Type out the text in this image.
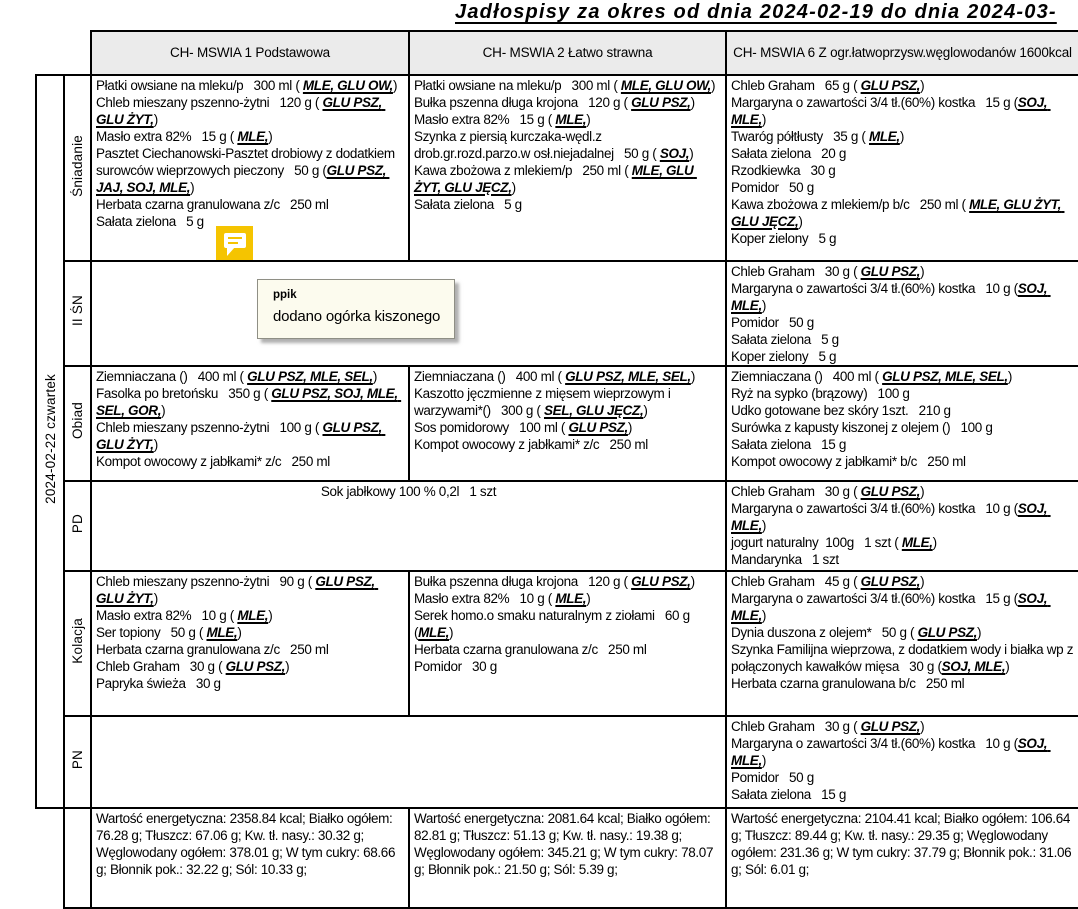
Jadłospisy za okres od dnia 2024-02-19 do dnia 2024-03-
		CH- MSWIA 1 Podstawowa	CH- MSWIA 2 Łatwo strawna	CH- MSWIA 6 Z ogr.łatwoprzysw.węglowodanów 1600kcal
2024-02-22 czwartek	Śniadanie	
Płatki owsiane na mleku/p   300 ml ( MLE, GLU OW,)
Chleb mieszany pszenno-żytni   120 g ( GLU PSZ, GLU ŻYT,)
Masło extra 82%   15 g ( MLE,)
Pasztet Ciechanowski-Pasztet drobiowy z dodatkiem surowców wieprzowych pieczony   50 g (GLU PSZ, JAJ, SOJ, MLE,)
Herbata czarna granulowana z/c   250 ml
Sałata zielona   5 g

Płatki owsiane na mleku/p   300 ml ( MLE, GLU OW,)
Bułka pszenna długa krojona   120 g ( GLU PSZ,)
Masło extra 82%   15 g ( MLE,)
Szynka z piersią kurczaka-wędl.z drob.gr.rozd.parzo.w osł.niejadalnej   50 g ( SOJ,)
Kawa zbożowa z mlekiem/p   250 ml ( MLE, GLU ŻYT, GLU JĘCZ,)
Sałata zielona   5 g

Chleb Graham   65 g ( GLU PSZ,)
Margaryna o zawartości 3/4 tł.(60%) kostka   15 g (SOJ, MLE,)
Twaróg półtłusty   35 g ( MLE,)
Sałata zielona   20 g
Rzodkiewka   30 g
Pomidor   50 g
Kawa zbożowa z mlekiem/p b/c   250 ml ( MLE, GLU ŻYT, GLU JĘCZ,)
Koper zielony   5 g

	II ŚN			Chleb Graham   30 g ( GLU PSZ,)
Margaryna o zawartości 3/4 tł.(60%) kostka   10 g (SOJ, MLE,)
Pomidor   50 g
Sałata zielona   5 g
Koper zielony   5 g

Obiad	
Ziemniaczana ()   400 ml ( GLU PSZ, MLE, SEL,)
Fasolka po bretońsku   350 g ( GLU PSZ, SOJ, MLE, SEL, GOR,)
Chleb mieszany pszenno-żytni   100 g ( GLU PSZ, GLU ŻYT,)
Kompot owocowy z jabłkami* z/c   250 ml

Ziemniaczana ()   400 ml ( GLU PSZ, MLE, SEL,)
Kaszotto jęczmienne z mięsem wieprzowym i warzywami*()   300 g ( SEL, GLU JĘCZ,)
Sos pomidorowy   100 ml ( GLU PSZ,)
Kompot owocowy z jabłkami* z/c   250 ml

Ziemniaczana ()   400 ml ( GLU PSZ, MLE, SEL,)
Ryż na sypko (brązowy)   100 g
Udko gotowane bez skóry 1szt.   210 g
Surówka z kapusty kiszonej z olejem ()   100 g
Sałata zielona   15 g
Kompot owocowy z jabłkami* b/c   250 ml

	PD	Sok jabłkowy 100 % 0,2l   1 szt		Chleb Graham   30 g ( GLU PSZ,)
Margaryna o zawartości 3/4 tł.(60%) kostka   10 g (SOJ, MLE,)
jogurt naturalny  100g   1 szt ( MLE,)
Mandarynka   1 szt

Kolacja	
Chleb mieszany pszenno-żytni   90 g ( GLU PSZ, GLU ŻYT,)
Masło extra 82%   10 g ( MLE,)
Ser topiony   50 g ( MLE,)
Herbata czarna granulowana z/c   250 ml
Chleb Graham   30 g ( GLU PSZ,)
Papryka świeża   30 g

Bułka pszenna długa krojona   120 g ( GLU PSZ,)
Masło extra 82%   10 g ( MLE,)
Serek homo.o smaku naturalnym z ziołami   60 g (MLE,)
Herbata czarna granulowana z/c   250 ml
Pomidor   30 g

Chleb Graham   45 g ( GLU PSZ,)
Margaryna o zawartości 3/4 tł.(60%) kostka   15 g (SOJ, MLE,)
Dynia duszona z olejem*   50 g ( GLU PSZ,)
Szynka Familijna wieprzowa, z dodatkiem wody i białka wp z połączonych kawałków mięsa   30 g (SOJ, MLE,)
Herbata czarna granulowana b/c   250 ml

	PN			Chleb Graham   30 g ( GLU PSZ,)
Margaryna o zawartości 3/4 tł.(60%) kostka   10 g (SOJ, MLE,)
Pomidor   50 g
Sałata zielona   15 g

		Wartość energetyczna: 2358.84 kcal; Białko ogółem: 76.28 g; Tłuszcz: 67.06 g; Kw. tł. nasy.: 30.32 g; Węglowodany ogółem: 378.01 g; W tym cukry: 68.66 g; Błonnik pok.: 32.22 g; Sól: 10.33 g;	Wartość energetyczna: 2081.64 kcal; Białko ogółem: 82.81 g; Tłuszcz: 51.13 g; Kw. tł. nasy.: 19.38 g; Węglowodany ogółem: 345.21 g; W tym cukry: 78.07 g; Błonnik pok.: 21.50 g; Sól: 5.39 g;	Wartość energetyczna: 2104.41 kcal; Białko ogółem: 106.64 g; Tłuszcz: 89.44 g; Kw. tł. nasy.: 29.35 g; Węglowodany ogółem: 231.36 g; W tym cukry: 37.79 g; Błonnik pok.: 31.06 g; Sól: 6.01 g;
ppik
dodano ogórka kiszonego
